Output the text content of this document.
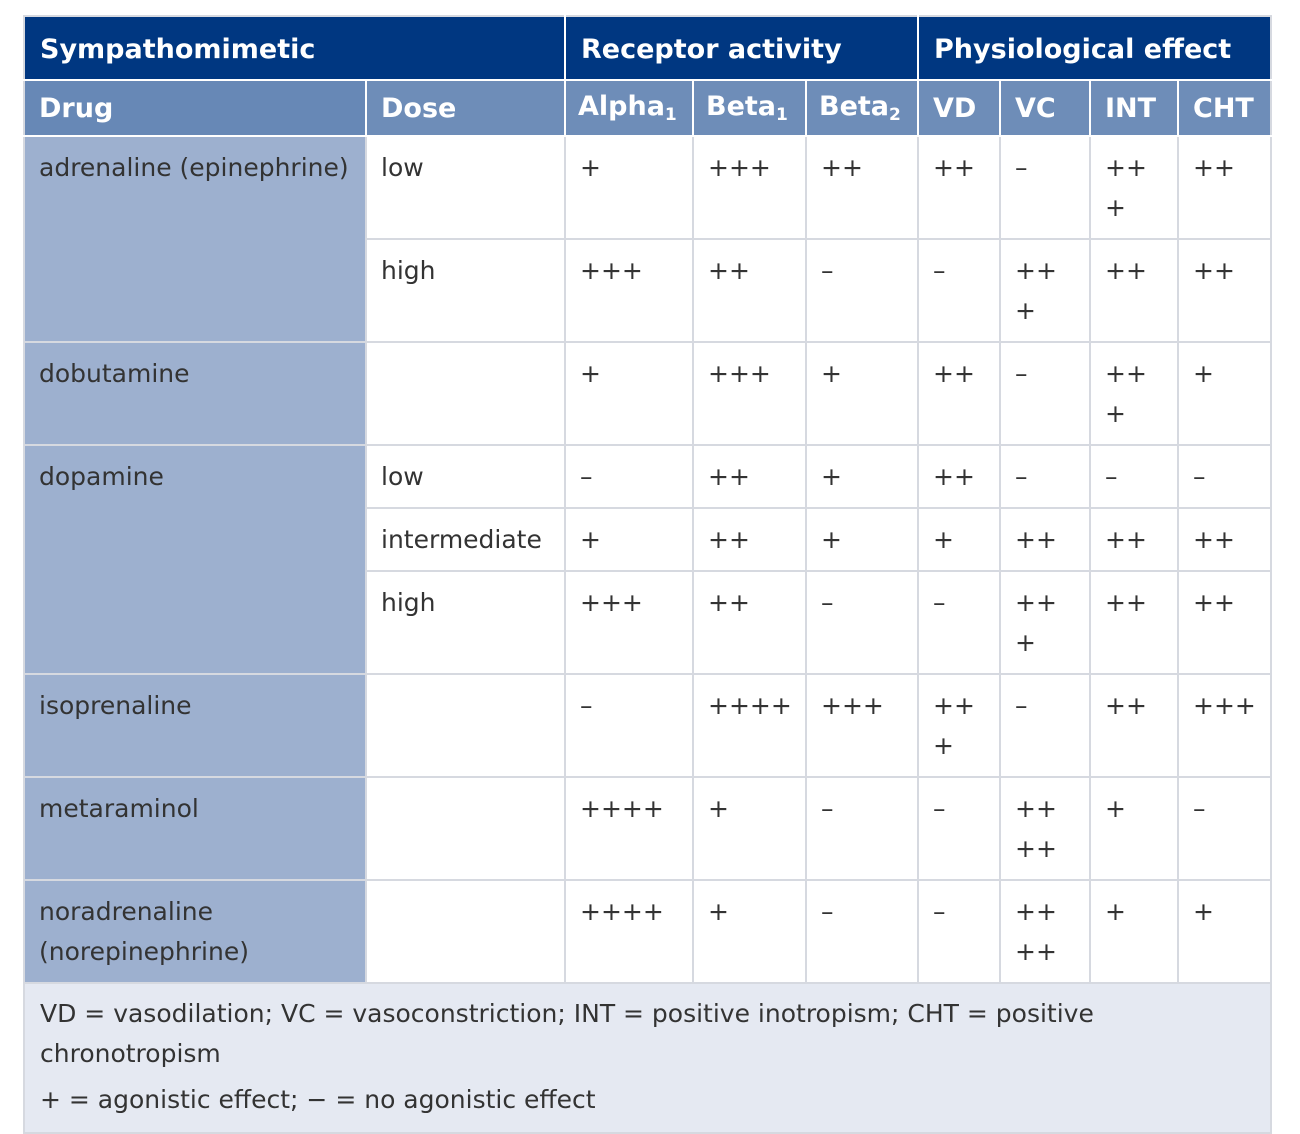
Sympathomimetic		Receptor activity			Physiological effect			
Drug	Dose	Alpha$_1$	Beta$_1$	Beta$_2$	VD	VC	INT	CHT
adrenaline (epinephrine)	low	+	+++	++	++	–	+++	++
	high	+++	++	–	–	+++	++	++
dobutamine		+	+++	+	++	–	+++	+
dopamine	low	–	++	+	++	–	–	–
	intermediate	+	++	+	+	++	++	++
	high	+++	++	–	–	+++	++	++
isoprenaline		–	++++	+++	+++	–	++	+++
metaraminol		++++	+	–	–	++++	+	–
noradrenaline (norepinephrine)		++++	+	–	–	++++	+	+

VD = vasodilation; VC = vasoconstriction; INT = positive inotropism; CHT = positive chronotropism

+ = agonistic effect; − = no agonistic effect								
